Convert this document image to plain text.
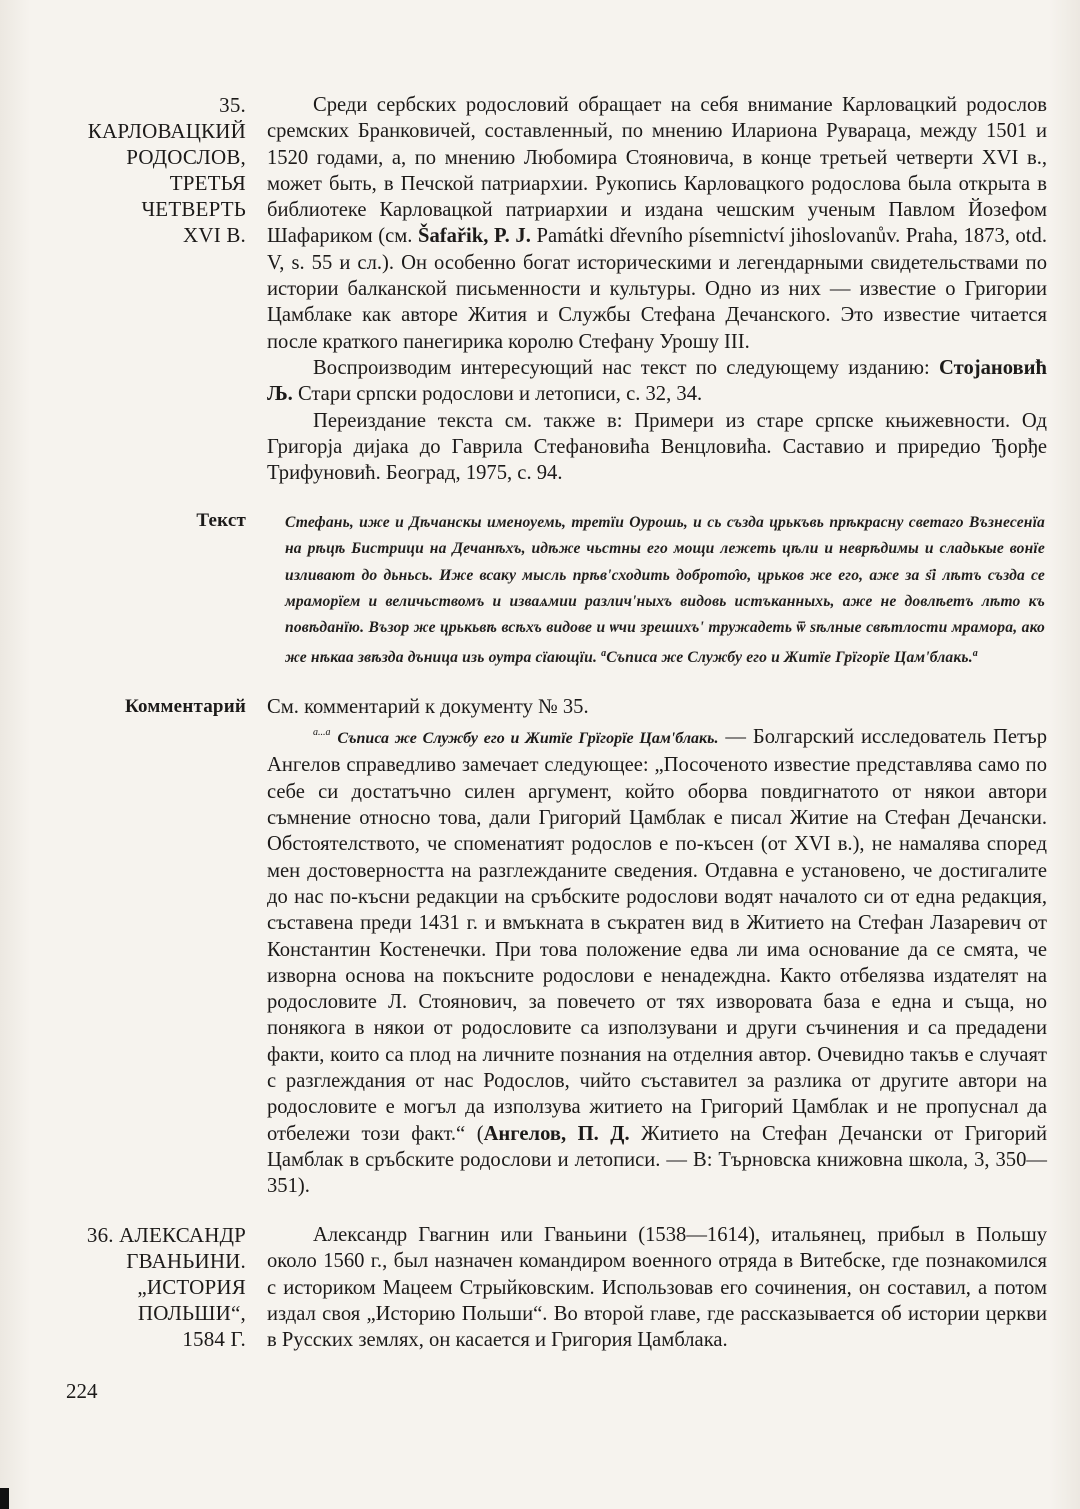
35.
КАРЛОВАЦКИЙ
РОДОСЛОВ,
ТРЕТЬЯ
ЧЕТВЕРТЬ
XVI В.

Среди сербских родословий обращает на себя внимание Карловацкий родослов сремских Бранковичей, составленный, по мнению Илариона Руварaца, между 1501 и 1520 годами, а, по мнению Любомира Стояновича, в конце третьей четверти XVI в., может быть, в Печской патриархии. Рукопись Карловацкого родослова была открыта в библиотеке Карловацкой патриархии и издана чешским ученым Павлом Йозефом Шафариком (см. Šafařik, P. J. Památki dřevního písemnictví jihoslovanův. Praha, 1873, otd. V, s. 55 и сл.). Он особенно богат историческими и легендарными свидетельствами по истории балканской письменности и культуры. Одно из них — известие о Григории Цамблаке как авторе Жития и Службы Стефана Дечанского. Это известие читается после краткого панегирика королю Стефану Урошу III.

Воспроизводим интересующий нас текст по следующему изданию: Стојановић Љ. Стари српски родослови и летописи, с. 32, 34.

Переиздание текста см. также в: Примери из старе српске књижевности. Од Григорја дијака до Гаврила Стефановића Венцловића. Саставио и приредио Ђорђе Трифуновић. Београд, 1975, с. 94.

Текст	Стефань, иже и Дѣчанскы именоуемь, третїи Оурошь, и сь създа црькъвь прѣкрасну светаго Възнесенїа на рѣцѣ Бистрици на Дечанѣхъ, идѣже чьстны его мощи лежеть цѣли и неврѣдимы и сладькые вонїе изливают до дьньсь. Иже всаку мысль прѣв'сходить доброто̂ю, црьков же его, аже за ѕ҃і лѣтъ създа се мраморїем и величьствомъ и изваѧмии различ'ныхъ видовь истъканныхь, аже не довлѣетъ лѣто къ повѣданїю. Възор же црькьвѣ всѣхъ видове и ѡчи зрешихъ' тружадеть ѿ ѕѣлные свѣтлости мрамора, ако же нѣкаа звѣзда дъница изь оутра сїающїи. $^a$Съписа же Службу его и Житїе Грїгорїе Цам'блакь.$^a$

Комментарий См. комментарий к документу № 35.

$^{a...a}$ Съписа же Службу его и Житїе Грїгорїе Цам'блакь. — Болгарский исследователь Петър Ангелов справедливо замечает следующее: „Посоченото известие представлява само по себе си достатъчно силен аргумент, който оборва повдигнатото от някои автори съмнение относно това, дали Григорий Цамблак е писал Житие на Стефан Дечански. Обстоятелството, че споменатият родослов е по-късен (от XVI в.), не намалява според мен достоверността на разглежданите сведения. Отдавна е установено, че достигалите до нас по-късни редакции на сръбските родослови водят началото си от една редакция, съставена преди 1431 г. и вмъкната в съкратен вид в Житието на Стефан Лазаревич от Константин Костенечки. При това положение едва ли има основание да се смята, че изворна основа на покъсните родослови е ненадеждна. Както отбелязва издателят на родословите Л. Стоянович, за повечето от тях изворовата база е една и съща, но понякога в някои от родословите са използувани и други съчинения и са предадени факти, които са плод на личните познания на отделния автор. Очевидно такъв е случаят с разглеждания от нас Родослов, чийто съставител за разлика от другите автори на родословите е могъл да използува житието на Григорий Цамблак и не пропуснал да отбележи този факт.“ (Ангелов, П. Д. Житието на Стефан Дечански от Григорий Цамблак в сръбските родослови и летописи. — В: Търновска книжовна школа, 3, 350—351).

36. АЛЕКСАНДР
ГВАНЬИНИ.
„ИСТОРИЯ
ПОЛЬШИ“,
1584 Г.

Александр Гвагнин или Гваньини (1538—1614), итальянец, прибыл в Польшу около 1560 г., был назначен командиром военного отряда в Витебске, где познакомился с историком Мацеем Стрыйковским. Использовав его сочинения, он составил, а потом издал своя „Историю Польши“. Во второй главе, где рассказывается об истории церкви в Русских землях, он касается и Григория Цамблака.

224
